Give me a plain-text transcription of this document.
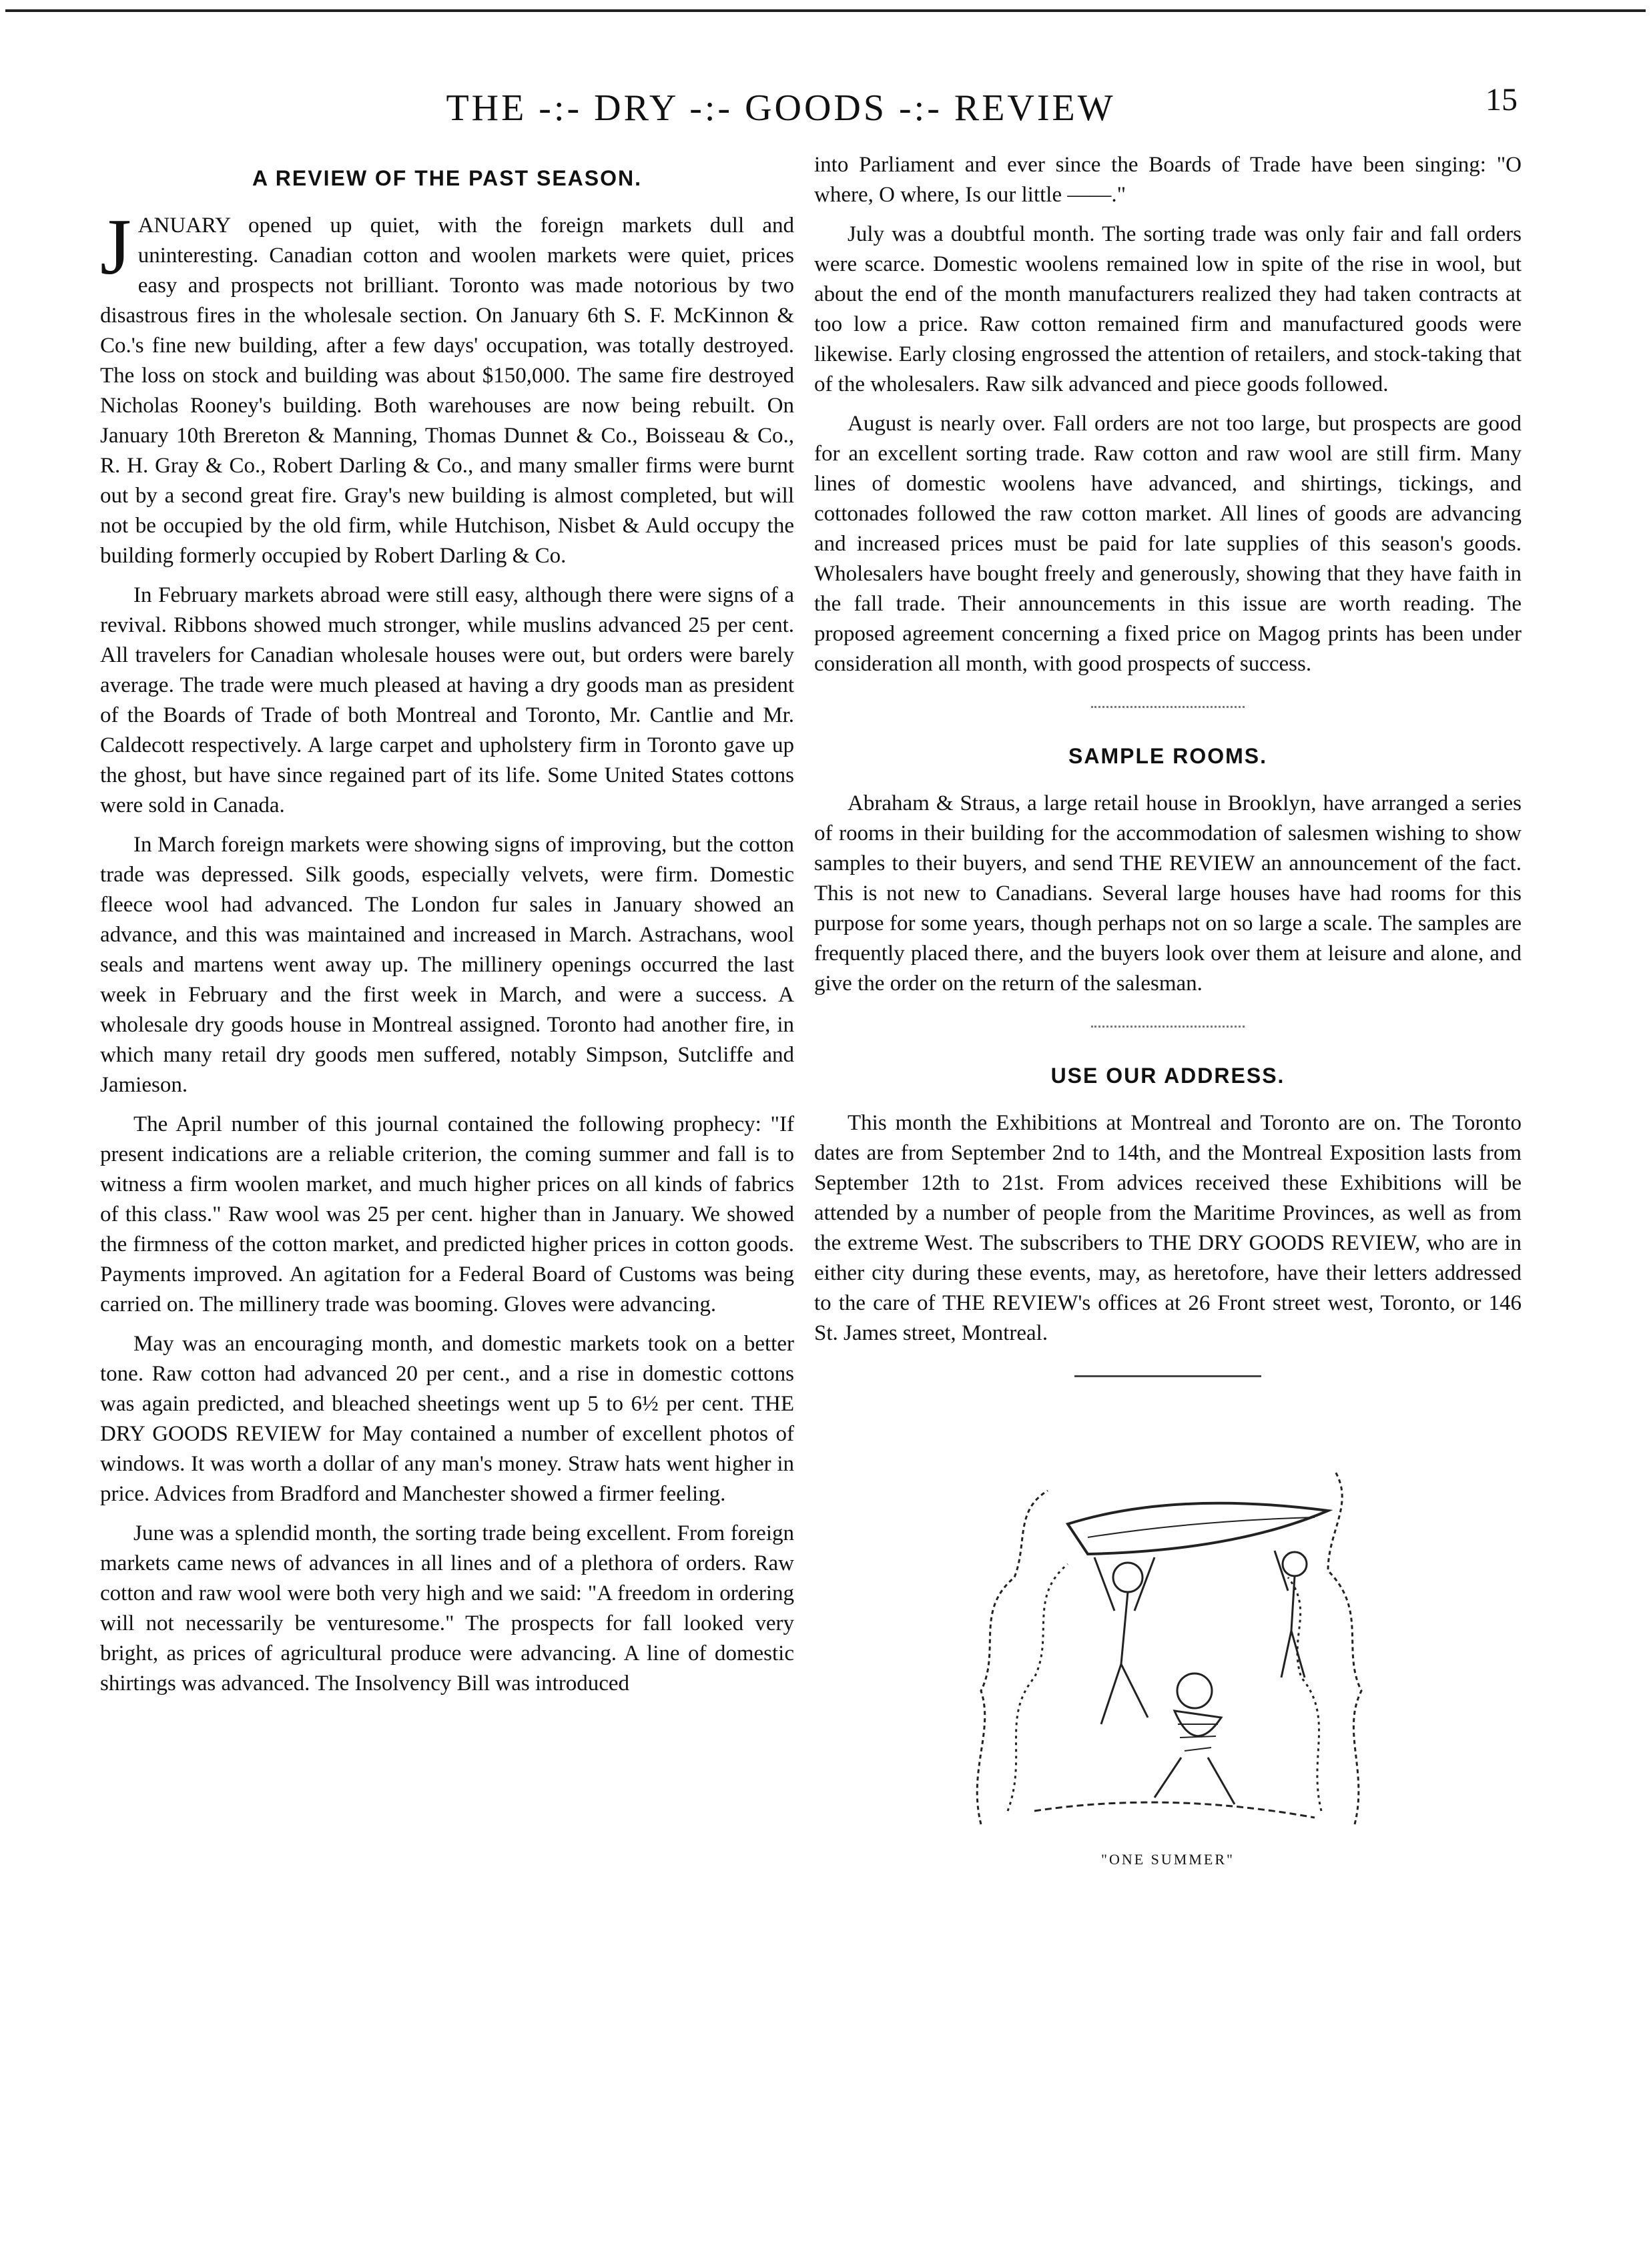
THE -:- DRY -:- GOODS -:- REVIEW	15
A REVIEW OF THE PAST SEASON.

JANUARY opened up quiet, with the foreign markets dull and uninteresting. Canadian cotton and woolen markets were quiet, prices easy and prospects not brilliant. Toronto was made notorious by two disastrous fires in the wholesale section. On January 6th S. F. McKinnon & Co.'s fine new building, after a few days' occupation, was totally destroyed. The loss on stock and building was about $150,000. The same fire destroyed Nicholas Rooney's building. Both warehouses are now being rebuilt. On January 10th Brereton & Manning, Thomas Dunnet & Co., Boisseau & Co., R. H. Gray & Co., Robert Darling & Co., and many smaller firms were burnt out by a second great fire. Gray's new building is almost completed, but will not be occupied by the old firm, while Hutchison, Nisbet & Auld occupy the building formerly occupied by Robert Darling & Co.

In February markets abroad were still easy, although there were signs of a revival. Ribbons showed much stronger, while muslins advanced 25 per cent. All travelers for Canadian wholesale houses were out, but orders were barely average. The trade were much pleased at having a dry goods man as president of the Boards of Trade of both Montreal and Toronto, Mr. Cantlie and Mr. Caldecott respectively. A large carpet and upholstery firm in Toronto gave up the ghost, but have since regained part of its life. Some United States cottons were sold in Canada.

In March foreign markets were showing signs of improving, but the cotton trade was depressed. Silk goods, especially velvets, were firm. Domestic fleece wool had advanced. The London fur sales in January showed an advance, and this was maintained and increased in March. Astrachans, wool seals and martens went away up. The millinery openings occurred the last week in February and the first week in March, and were a success. A wholesale dry goods house in Montreal assigned. Toronto had another fire, in which many retail dry goods men suffered, notably Simpson, Sutcliffe and Jamieson.

The April number of this journal contained the following prophecy: "If present indications are a reliable criterion, the coming summer and fall is to witness a firm woolen market, and much higher prices on all kinds of fabrics of this class." Raw wool was 25 per cent. higher than in January. We showed the firmness of the cotton market, and predicted higher prices in cotton goods. Payments improved. An agitation for a Federal Board of Customs was being carried on. The millinery trade was booming. Gloves were advancing.

May was an encouraging month, and domestic markets took on a better tone. Raw cotton had advanced 20 per cent., and a rise in domestic cottons was again predicted, and bleached sheetings went up 5 to 6½ per cent. THE DRY GOODS REVIEW for May contained a number of excellent photos of windows. It was worth a dollar of any man's money. Straw hats went higher in price. Advices from Bradford and Manchester showed a firmer feeling.

June was a splendid month, the sorting trade being excellent. From foreign markets came news of advances in all lines and of a plethora of orders. Raw cotton and raw wool were both very high and we said: "A freedom in ordering will not necessarily be venturesome." The prospects for fall looked very bright, as prices of agricultural produce were advancing. A line of domestic shirtings was advanced. The Insolvency Bill was introduced

into Parliament and ever since the Boards of Trade have been singing: "O where, O where, Is our little ——."

July was a doubtful month. The sorting trade was only fair and fall orders were scarce. Domestic woolens remained low in spite of the rise in wool, but about the end of the month manufacturers realized they had taken contracts at too low a price. Raw cotton remained firm and manufactured goods were likewise. Early closing engrossed the attention of retailers, and stock-taking that of the wholesalers. Raw silk advanced and piece goods followed.

August is nearly over. Fall orders are not too large, but prospects are good for an excellent sorting trade. Raw cotton and raw wool are still firm. Many lines of domestic woolens have advanced, and shirtings, tickings, and cottonades followed the raw cotton market. All lines of goods are advancing and increased prices must be paid for late supplies of this season's goods. Wholesalers have bought freely and generously, showing that they have faith in the fall trade. Their announcements in this issue are worth reading. The proposed agreement concerning a fixed price on Magog prints has been under consideration all month, with good prospects of success.

SAMPLE ROOMS.

Abraham & Straus, a large retail house in Brooklyn, have arranged a series of rooms in their building for the accommodation of salesmen wishing to show samples to their buyers, and send THE REVIEW an announcement of the fact. This is not new to Canadians. Several large houses have had rooms for this purpose for some years, though perhaps not on so large a scale. The samples are frequently placed there, and the buyers look over them at leisure and alone, and give the order on the return of the salesman.

USE OUR ADDRESS.

This month the Exhibitions at Montreal and Toronto are on. The Toronto dates are from September 2nd to 14th, and the Montreal Exposition lasts from September 12th to 21st. From advices received these Exhibitions will be attended by a number of people from the Maritime Provinces, as well as from the extreme West. The subscribers to THE DRY GOODS REVIEW, who are in either city during these events, may, as heretofore, have their letters addressed to the care of THE REVIEW's offices at 26 Front street west, Toronto, or 146 St. James street, Montreal.

"ONE SUMMER"
